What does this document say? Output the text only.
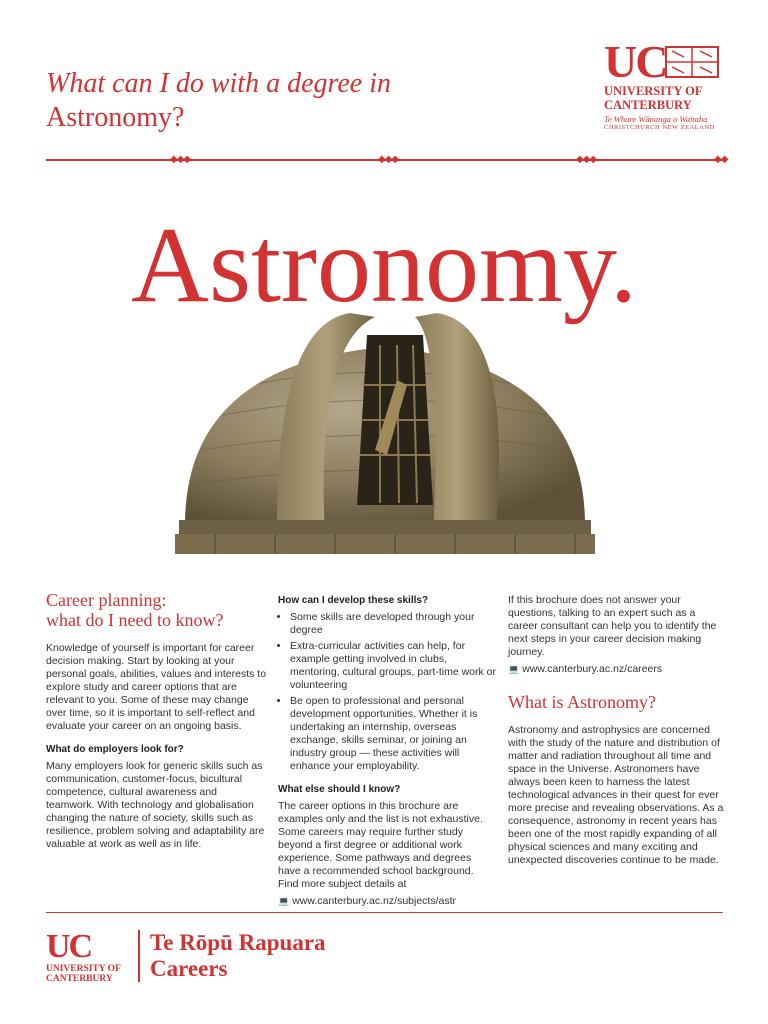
What can I do with a degree in
Astronomy?
◆◆◆	◆◆◆	◆◆◆	◆◆
UC
UNIVERSITY OF
CANTERBURY
Te Whare Wānanga o Waitaha
CHRISTCHURCH NEW ZEALAND
Astronomy.
Career planning:
what do I need to know?

Knowledge of yourself is important for career decision making. Start by looking at your personal goals, abilities, values and interests to explore study and career options that are relevant to you. Some of these may change over time, so it is important to self-reflect and evaluate your career on an ongoing basis.

What do employers look for?

Many employers look for generic skills such as communication, customer-focus, bicultural competence, cultural awareness and teamwork. With technology and globalisation changing the nature of society, skills such as resilience, problem solving and adaptability are valuable at work as well as in life.

How can I develop these skills?
• Some skills are developed through your degree
• Extra-curricular activities can help, for example getting involved in clubs, mentoring, cultural groups, part-time work or volunteering
• Be open to professional and personal development opportunities. Whether it is undertaking an internship, overseas exchange, skills seminar, or joining an industry group — these activities will enhance your employability.
What else should I know?

The career options in this brochure are examples only and the list is not exhaustive. Some careers may require further study beyond a first degree or additional work experience. Some pathways and degrees have a recommended school background. Find more subject details at

💻 www.canterbury.ac.nz/subjects/astr

If this brochure does not answer your questions, talking to an expert such as a career consultant can help you to identify the next steps in your career decision making journey.

💻 www.canterbury.ac.nz/careers
What is Astronomy?

Astronomy and astrophysics are concerned with the study of the nature and distribution of matter and radiation throughout all time and space in the Universe. Astronomers have always been keen to harness the latest technological advances in their quest for ever more precise and revealing observations. As a consequence, astronomy in recent years has been one of the most rapidly expanding of all physical sciences and many exciting and unexpected discoveries continue to be made.

UC
UNIVERSITY OF
CANTERBURY
Te Rōpū Rapuara
Careers
